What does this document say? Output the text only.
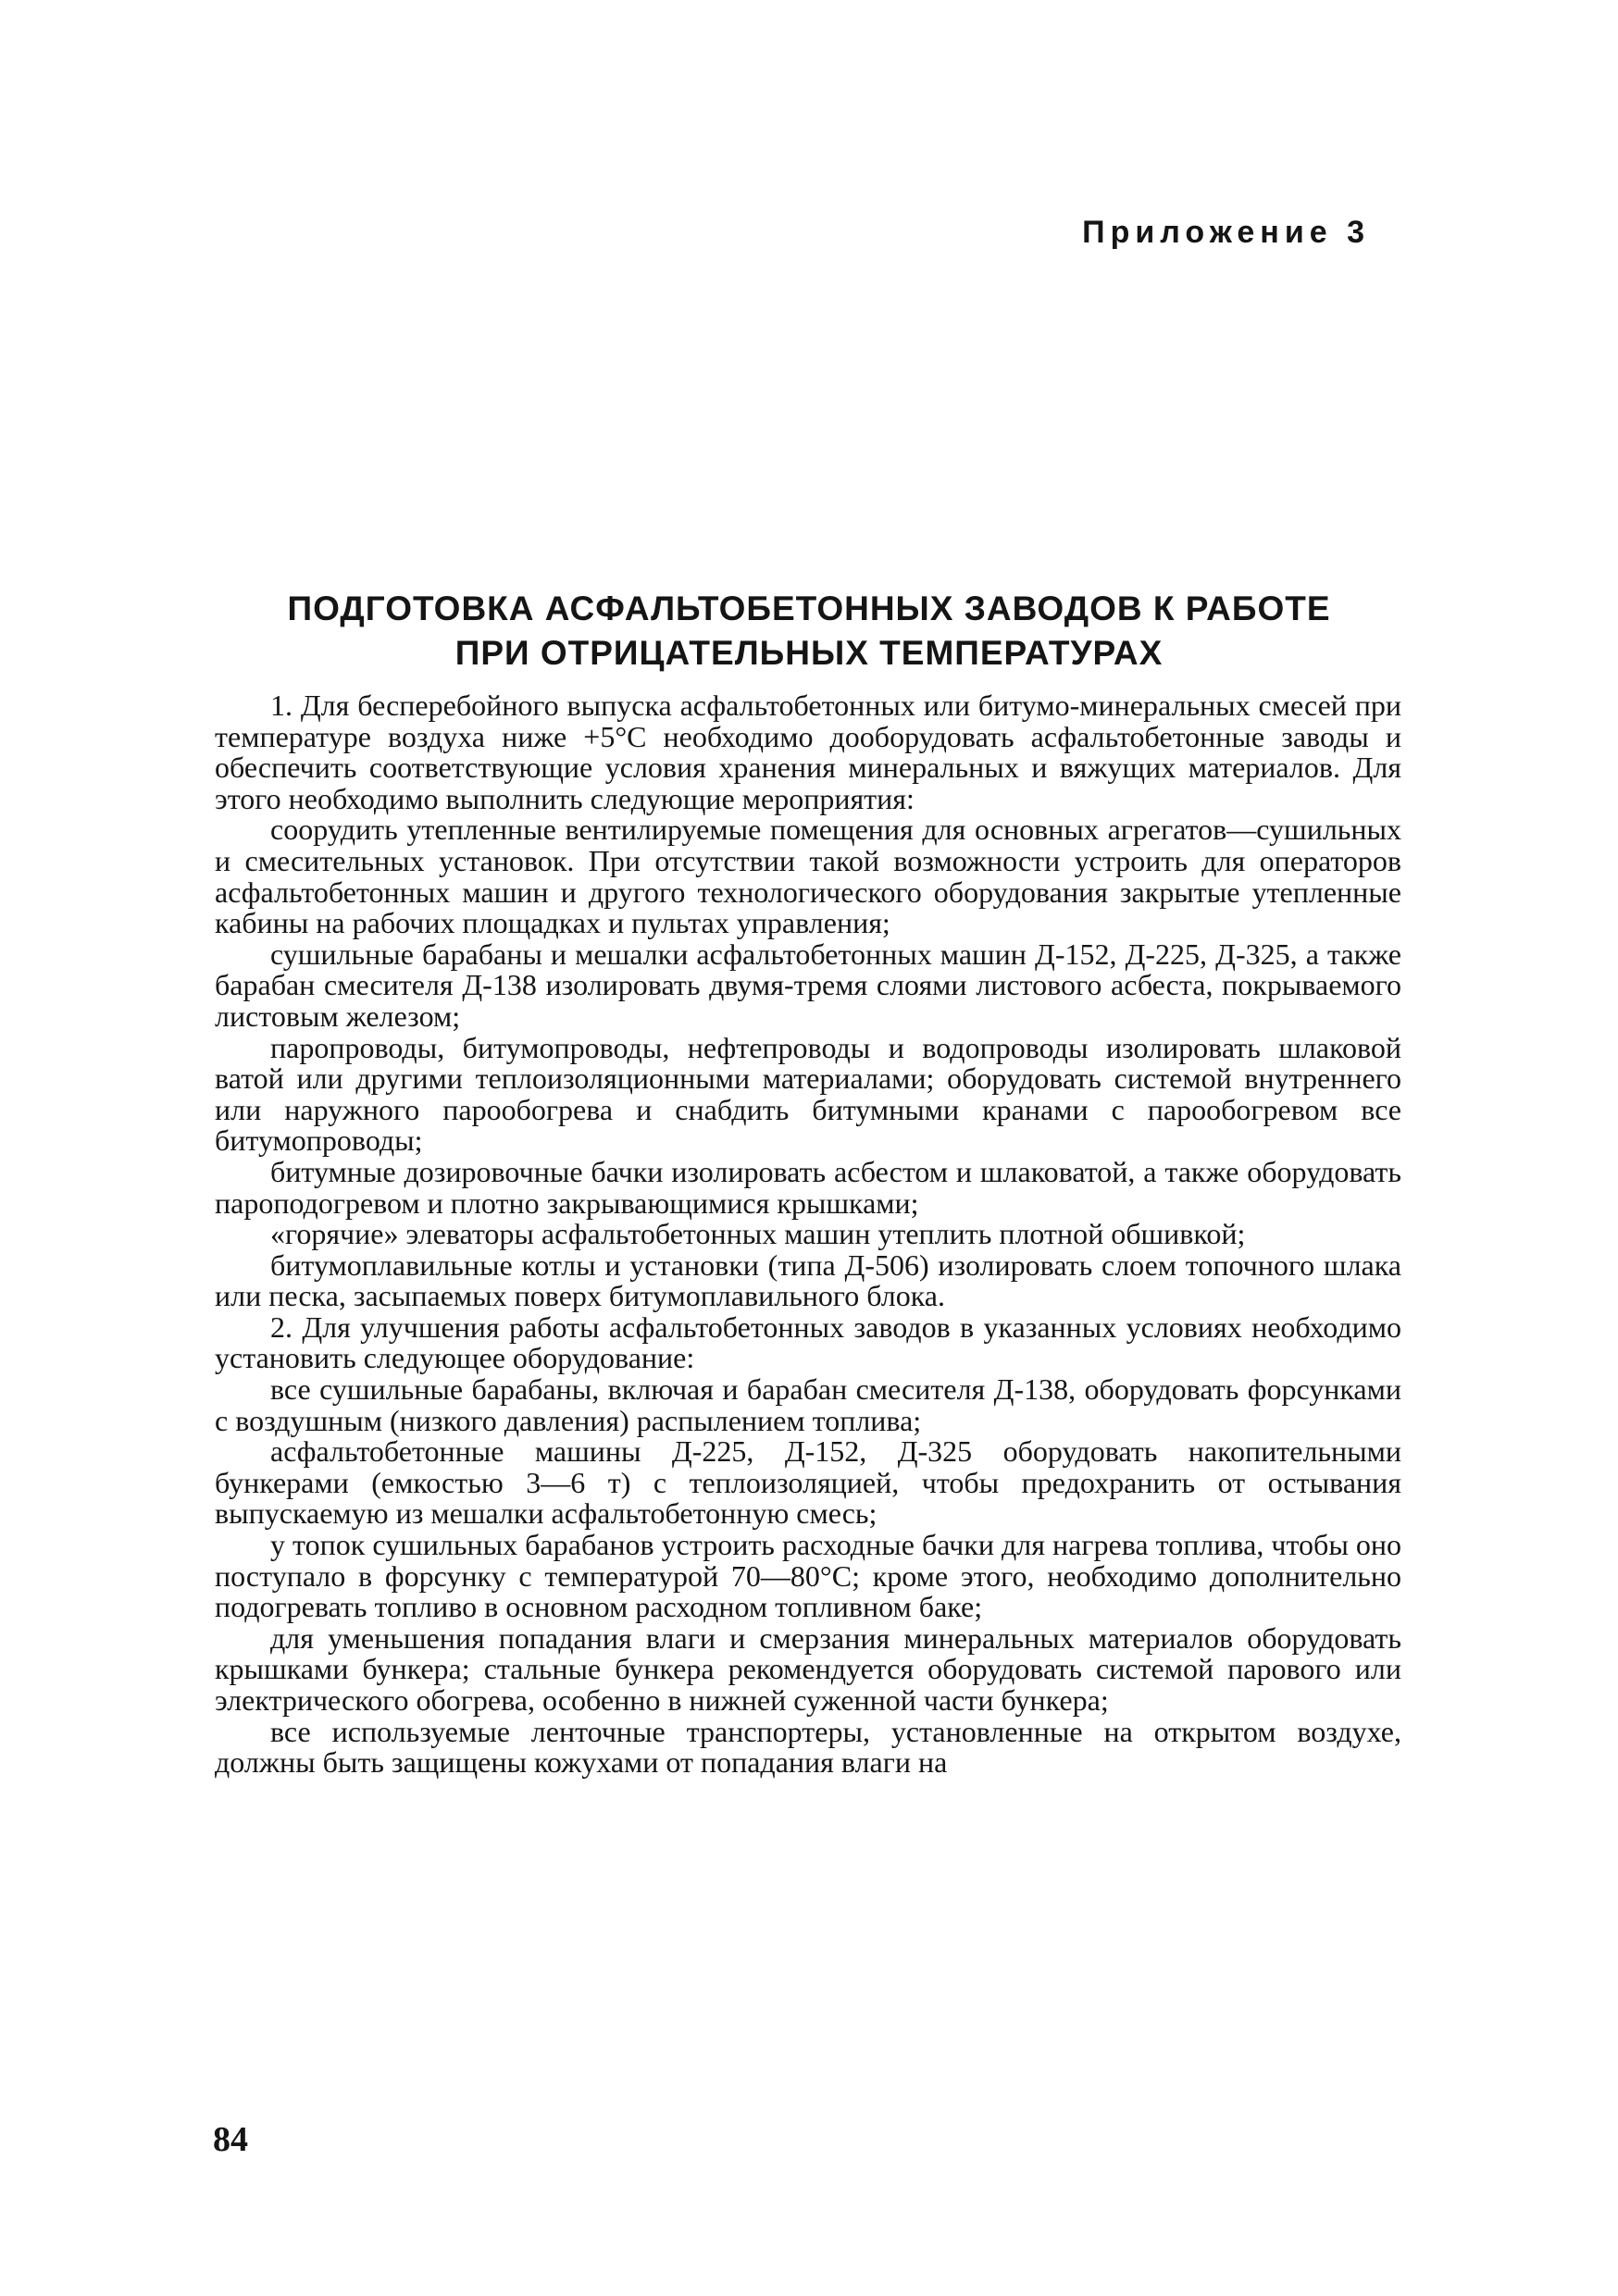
Приложение 3
ПОДГОТОВКА АСФАЛЬТОБЕТОННЫХ ЗАВОДОВ К РАБОТЕ
ПРИ ОТРИЦАТЕЛЬНЫХ ТЕМПЕРАТУРАХ

1. Для бесперебойного выпуска асфальтобетонных или битумо-минеральных смесей при температуре воздуха ниже +5°С необходимо дооборудовать асфальтобетонные заводы и обеспечить соответствующие условия хранения минеральных и вяжущих материалов. Для этого необходимо выполнить следующие мероприятия:

соорудить утепленные вентилируемые помещения для основных агрегатов—сушильных и смесительных установок. При отсутствии такой возможности устроить для операторов асфальтобетонных машин и другого технологического оборудования закрытые утепленные кабины на рабочих площадках и пультах управления;

сушильные барабаны и мешалки асфальтобетонных машин Д-152, Д-225, Д-325, а также барабан смесителя Д-138 изолировать двумя-тремя слоями листового асбеста, покрываемого листовым железом;

паропроводы, битумопроводы, нефтепроводы и водопроводы изолировать шлаковой ватой или другими теплоизоляционными материалами; оборудовать системой внутреннего или наружного парообогрева и снабдить битумными кранами с парообогревом все битумопроводы;

битумные дозировочные бачки изолировать асбестом и шлаковатой, а также оборудовать пароподогревом и плотно закрывающимися крышками;

«горячие» элеваторы асфальтобетонных машин утеплить плотной обшивкой;

битумоплавильные котлы и установки (типа Д-506) изолировать слоем топочного шлака или песка, засыпаемых поверх битумоплавильного блока.

2. Для улучшения работы асфальтобетонных заводов в указанных условиях необходимо установить следующее оборудование:

все сушильные барабаны, включая и барабан смесителя Д-138, оборудовать форсунками с воздушным (низкого давления) распылением топлива;

асфальтобетонные машины Д-225, Д-152, Д-325 оборудовать накопительными бункерами (емкостью 3—6 т) с теплоизоляцией, чтобы предохранить от остывания выпускаемую из мешалки асфальтобетонную смесь;

у топок сушильных барабанов устроить расходные бачки для нагрева топлива, чтобы оно поступало в форсунку с температурой 70—80°С; кроме этого, необходимо дополнительно подогревать топливо в основном расходном топливном баке;

для уменьшения попадания влаги и смерзания минеральных материалов оборудовать крышками бункера; стальные бункера рекомендуется оборудовать системой парового или электрического обогрева, особенно в нижней суженной части бункера;

все используемые ленточные транспортеры, установленные на открытом воздухе, должны быть защищены кожухами от попадания влаги на

84
